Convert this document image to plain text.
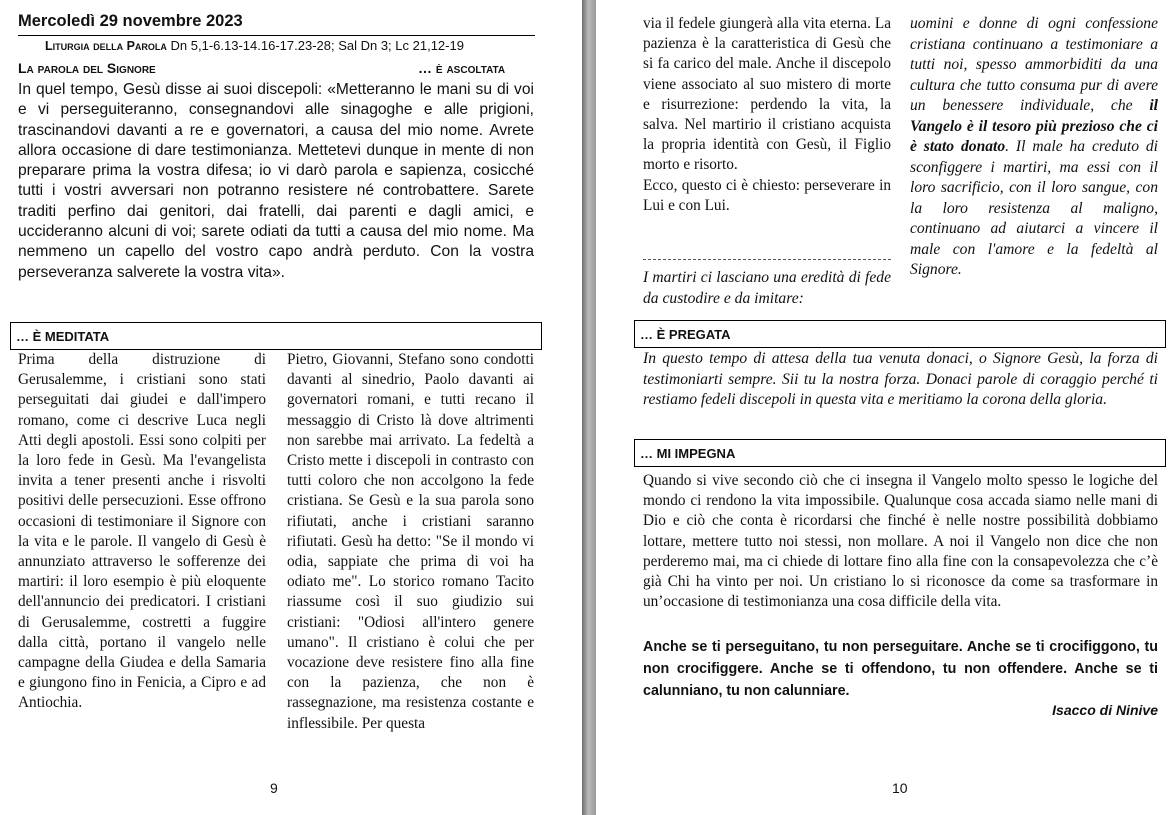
Mercoledì 29 novembre 2023
Liturgia della Parola Dn 5,1-6.13-14.16-17.23-28; Sal Dn 3; Lc 21,12-19
La parola del Signore	… è ascoltata
In quel tempo, Gesù disse ai suoi discepoli: «Metteranno le mani su di voi e vi perseguiteranno, consegnandovi alle sinagoghe e alle prigioni, trascinandovi davanti a re e governatori, a causa del mio nome. Avrete allora occasione di dare testimonianza. Mettetevi dunque in mente di non preparare prima la vostra difesa; io vi darò parola e sapienza, cosicché tutti i vostri avversari non potranno resistere né controbattere. Sarete traditi perfino dai genitori, dai fratelli, dai parenti e dagli amici, e uccideranno alcuni di voi; sarete odiati da tutti a causa del mio nome. Ma nemmeno un capello del vostro capo andrà perduto. Con la vostra perseveranza salverete la vostra vita».
… È MEDITATA
Prima della distruzione di Gerusalemme, i cristiani sono stati perseguitati dai giudei e dall'impero romano, come ci descrive Luca negli Atti degli apostoli. Essi sono colpiti per la loro fede in Gesù. Ma l'evangelista invita a tener presenti anche i risvolti positivi delle persecuzioni. Esse offrono occasioni di testimoniare il Signore con la vita e le parole. Il vangelo di Gesù è annunziato attraverso le sofferenze dei martiri: il loro esempio è più eloquente dell'annuncio dei predicatori. I cristiani di Gerusalemme, costretti a fuggire dalla città, portano il vangelo nelle campagne della Giudea e della Samaria e giungono fino in Fenicia, a Cipro e ad Antiochia.
Pietro, Giovanni, Stefano sono condotti davanti al sinedrio, Paolo davanti ai governatori romani, e tutti recano il messaggio di Cristo là dove altrimenti non sarebbe mai arrivato. La fedeltà a Cristo mette i discepoli in contrasto con tutti coloro che non accolgono la fede cristiana. Se Gesù e la sua parola sono rifiutati, anche i cristiani saranno rifiutati. Gesù ha detto: "Se il mondo vi odia, sappiate che prima di voi ha odiato me". Lo storico romano Tacito riassume così il suo giudizio sui cristiani: "Odiosi all'intero genere umano". Il cristiano è colui che per vocazione deve resistere fino alla fine con la pazienza, che non è rassegnazione, ma resistenza costante e inflessibile. Per questa
9
via il fedele giungerà alla vita eterna. La pazienza è la caratteristica di Gesù che si fa carico del male. Anche il discepolo viene associato al suo mistero di morte e risurrezione: perdendo la vita, la salva. Nel martirio il cristiano acquista la propria identità con Gesù, il Figlio morto e risorto.
Ecco, questo ci è chiesto: perseverare in Lui e con Lui.
I martiri ci lasciano una eredità di fede da custodire e da imitare:
uomini e donne di ogni confessione cristiana continuano a testimoniare a tutti noi, spesso ammorbiditi da una cultura che tutto consuma pur di avere un benessere individuale, che il Vangelo è il tesoro più prezioso che ci è stato donato. Il male ha creduto di sconfiggere i martiri, ma essi con il loro sacrificio, con il loro sangue, con la loro resistenza al maligno, continuano ad aiutarci a vincere il male con l'amore e la fedeltà al Signore.
… È PREGATA
In questo tempo di attesa della tua venuta donaci, o Signore Gesù, la forza di testimoniarti sempre. Sii tu la nostra forza. Donaci parole di coraggio perché ti restiamo fedeli discepoli in questa vita e meritiamo la corona della gloria.
… MI IMPEGNA
Quando si vive secondo ciò che ci insegna il Vangelo molto spesso le logiche del mondo ci rendono la vita impossibile. Qualunque cosa accada siamo nelle mani di Dio e ciò che conta è ricordarsi che finché è nelle nostre possibilità dobbiamo lottare, mettere tutto noi stessi, non mollare. A noi il Vangelo non dice che non perderemo mai, ma ci chiede di lottare fino alla fine con la consapevolezza che c’è già Chi ha vinto per noi. Un cristiano lo si riconosce da come sa trasformare in un’occasione di testimonianza una cosa difficile della vita.
Anche se ti perseguitano, tu non perseguitare. Anche se ti crocifiggono, tu non crocifiggere. Anche se ti offendono, tu non offendere. Anche se ti calunniano, tu non calunniare.
Isacco di Ninive
10
